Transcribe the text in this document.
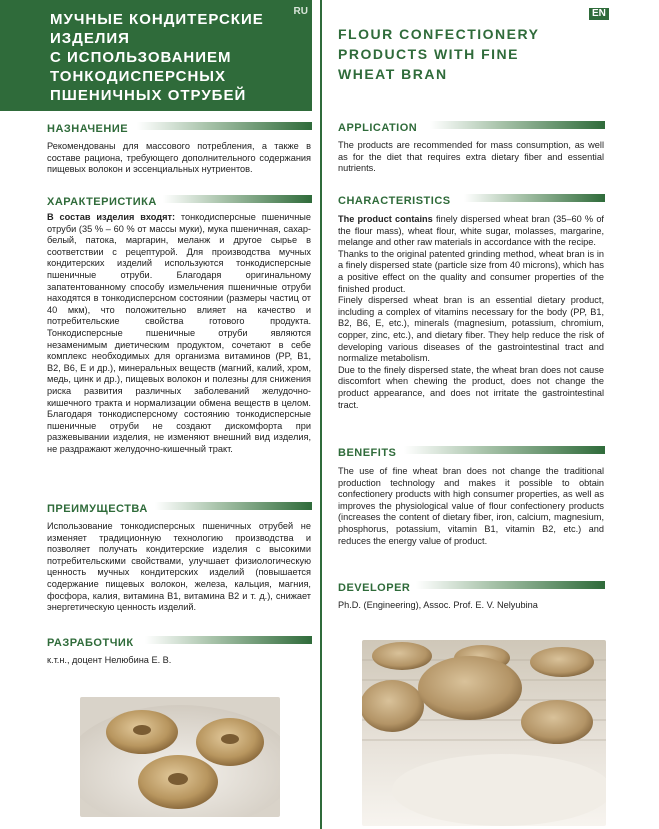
RU
МУЧНЫЕ КОНДИТЕРСКИЕ
ИЗДЕЛИЯ
С ИСПОЛЬЗОВАНИЕМ
ТОНКОДИСПЕРСНЫХ
ПШЕНИЧНЫХ ОТРУБЕЙ
НАЗНАЧЕНИЕ

Рекомендованы для массового потребления, а также в составе рациона, требующего дополнительного содержания пищевых волокон и эссенциальных нутриентов.

ХАРАКТЕРИСТИКА

В состав изделия входят: тонкодисперсные пшеничные отруби (35 % – 60 % от массы муки), мука пшеничная, сахар-белый, патока, маргарин, меланж и другое сырье в соответствии с рецептурой. Для производства мучных кондитерских изделий используются тонкодисперсные пшеничные отруби. Благодаря оригинальному запатентованному способу измельчения пшеничные отруби находятся в тонкодисперсном состоянии (размеры частиц от 40 мкм), что положительно влияет на качество и потребительские свойства готового продукта. Тонкодисперсные пшеничные отруби являются незаменимым диетическим продуктом, сочетают в себе комплекс необходимых для организма витаминов (PP, B1, B2, B6, E и др.), минеральных веществ (магний, калий, хром, медь, цинк и др.), пищевых волокон и полезны для снижения риска развития различных заболеваний желудочно-кишечного тракта и нормализации обмена веществ в целом. Благодаря тонкодисперсному состоянию тонкодисперсные пшеничные отруби не создают дискомфорта при разжевывании изделия, не изменяют внешний вид изделия, не раздражают желудочно-кишечный тракт.

ПРЕИМУЩЕСТВА

Использование тонкодисперсных пшеничных отрубей не изменяет традиционную технологию производства и позволяет получать кондитерские изделия с высокими потребительскими свойствами, улучшает физиологическую ценность мучных кондитерских изделий (повышается содержание пищевых волокон, железа, кальция, магния, фосфора, калия, витамина B1, витамина B2 и т. д.), снижает энергетическую ценность изделий.

РАЗРАБОТЧИК

к.т.н., доцент Нелюбина Е. В.

EN
FLOUR CONFECTIONERY
PRODUCTS WITH FINE
WHEAT BRAN
APPLICATION

The products are recommended for mass consumption, as well as for the diet that requires extra dietary fiber and essential nutrients.

CHARACTERISTICS

The product contains finely dispersed wheat bran (35–60 % of the flour mass), wheat flour, white sugar, molasses, margarine, melange and other raw materials in accordance with the recipe.

Thanks to the original patented grinding method, wheat bran is in a finely dispersed state (particle size from 40 microns), which has a positive effect on the quality and consumer properties of the finished product.

Finely dispersed wheat bran is an essential dietary product, including a complex of vitamins necessary for the body (PP, B1, B2, B6, E, etc.), minerals (magnesium, potassium, chromium, copper, zinc, etc.), and dietary fiber. They help reduce the risk of developing various diseases of the gastrointestinal tract and normalize metabolism.

Due to the finely dispersed state, the wheat bran does not cause discomfort when chewing the product, does not change the product appearance, and does not irritate the gastrointestinal tract.

BENEFITS

The use of fine wheat bran does not change the traditional production technology and makes it possible to obtain confectionery products with high consumer properties, as well as improves the physiological value of flour confectionery products (increases the content of dietary fiber, iron, calcium, magnesium, phosphorus, potassium, vitamin B1, vitamin B2, etc.) and reduces the energy value of product.

DEVELOPER

Ph.D. (Engineering), Assoc. Prof. E. V. Nelyubina
